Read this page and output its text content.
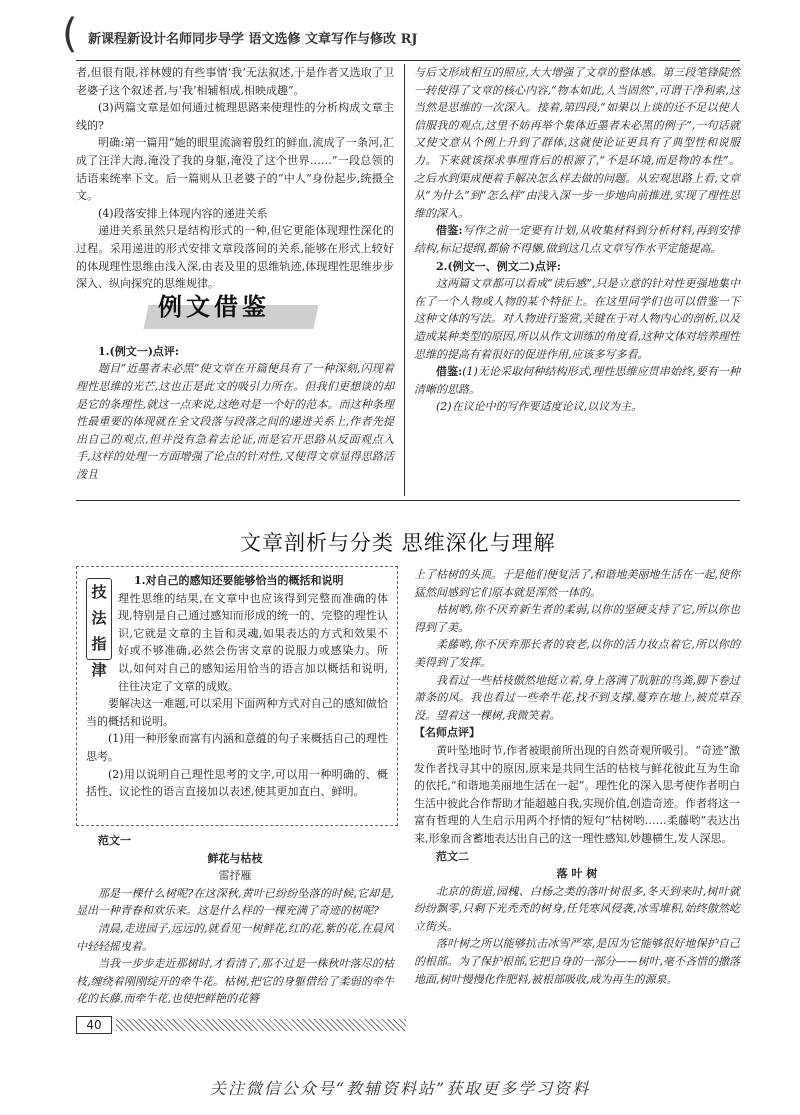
( 新课程新设计名师同步导学 语文选修 文章写作与修改 RJ

者,但很有限,祥林嫂的有些事情‘我’无法叙述,于是作者又选取了卫老婆子这个叙述者,与‘我’相辅相成,相映成趣”。

(3)两篇文章是如何通过梳理思路来使理性的分析构成文章主线的?

明确:第一篇用“她的眼里流滴着殷红的鲜血,流成了一条河,汇成了汪洋大海,淹没了我的身躯,淹没了这个世界……”一段总领的话语来统率下文。后一篇则从卫老婆子的“中人”身份起步,统摄全文。

(4)段落安排上体现内容的递进关系

递进关系虽然只是结构形式的一种,但它更能体现理性深化的过程。采用递进的形式安排文章段落间的关系,能够在形式上较好的体现理性思维由浅入深,由表及里的思维轨迹,体现理性思维步步深入、纵向探究的思维规律。

例文借鉴

1.(例文一)点评:

题目“近墨者未必黑”使文章在开篇便具有了一种深刻,闪现着理性思维的光芒,这也正是此文的吸引力所在。但我们更想谈的却是它的条理性,就这一点来说,这绝对是一个好的范本。而这种条理性最重要的体现就在全文段落与段落之间的递进关系上,作者先提出自己的观点,但并没有急着去论证,而是宕开思路从反面观点入手,这样的处理一方面增强了论点的针对性,又使得文章显得思路活泼且

与后文形成相互的照应,大大增强了文章的整体感。第三段笔锋陡然一转使得了文章的核心内容,“物本如此,人当固然”,可谓干净利索,这当然是思维的一次深入。接着,第四段,“如果以上谈的还不足以使人信服我的观点,这里不妨再举个集体近墨者未必黑的例子”,一句话就又使文意从个例上升到了群体,这就使论证更具有了典型性和说服力。下来就该探求事理背后的根源了,“不是环境,而是物的本性”。之后水到渠成便着手解决怎么样去做的问题。从宏观思路上看,文章从“为什么”到“怎么样”由浅入深一步一步地向前推进,实现了理性思维的深入。

借鉴:写作之前一定要有计划,从收集材料到分析材料,再到安排结构,标记提纲,都偷不得懒,做到这几点文章写作水平定能提高。

2.(例文一、例文二)点评:

这两篇文章都可以看成“读后感”,只是立意的针对性更强地集中在了一个人物或人物的某个特征上。在这里同学们也可以借鉴一下这种文体的写法。对人物进行鉴赏,关键在于对人物内心的剖析,以及造成某种类型的原因,所以从作文训练的角度看,这种文体对培养理性思维的提高有着很好的促进作用,应该多写多看。

借鉴:(1)无论采取何种结构形式,理性思维应贯串始终,要有一种清晰的思路。

(2)在议论中的写作要适度论议,以议为主。

文章剖析与分类 思维深化与理解
技
法
指
津

1.对自己的感知还要能够恰当的概括和说明

理性思维的结果,在文章中也应该得到完整而准确的体现,特别是自己通过感知而形成的统一的、完整的理性认识,它就是文章的主旨和灵魂,如果表达的方式和效果不好或不够准确,必然会伤害文章的说服力或感染力。所以,如何对自己的感知运用恰当的语言加以概括和说明,往往决定了文章的成败。

要解决这一难题,可以采用下面两种方式对自己的感知做恰当的概括和说明。

(1)用一种形象而富有内涵和意蕴的句子来概括自己的理性思考。

(2)用以说明自己理性思考的文字,可以用一种明确的、概括性、议论性的语言直接加以表述,使其更加直白、鲜明。

范文一

鲜花与枯枝

雷抒雁

那是一棵什么树呢?在这深秋,黄叶已纷纷坠落的时候,它却是,显出一种青春和欢乐来。这是什么样的一棵充满了奇迹的树呢?

清晨,走进园子,远远的,就看见一树鲜花,红的花,紫的花,在晨风中轻轻摇曳着。

当我一步步走近那树时,才看清了,那不过是一株秋叶落尽的枯枝,缠绕着刚刚绽开的牵牛花。枯树,把它的身躯借给了柔弱的牵牛花的长藤,而牵牛花,也使把鲜艳的花簪

上了枯树的头顶。于是他们便复活了,和谐地美丽地生活在一起,使你猛然间感到它们原本就是浑然一体的。

枯树哟,你不厌弃新生者的柔弱,以你的坚硬支持了它,所以你也得到了美。

柔藤哟,你不厌弃那长者的衰老,以你的活力妆点着它,所以你的美得到了发挥。

我看过一些枯枝傲然地挺立着,身上落满了肮脏的鸟粪,脚下卷过萧条的风。我也看过一些牵牛花,找不到支撑,蔓弃在地上,被荒草吞没。望着这一棵树,我微笑着。

【名师点评】

黄叶坠地时节,作者被眼前所出现的自然奇观所吸引。“奇迹”激发作者找寻其中的原因,原来是共同生活的枯枝与鲜花彼此互为生命的依托,“和谐地美丽地生活在一起”。理性化的深入思考使作者明白生活中彼此合作帮助才能超越自我,实现价值,创造奇迹。作者将这一富有哲理的人生启示用两个抒情的短句“枯树哟……柔藤哟”表达出来,形象而含蓄地表达出自己的这一理性感知,妙趣横生,发人深思。

范文二

落 叶 树

北京的街道,园槐、白杨之类的落叶树很多,冬天到来时,树叶就纷纷飘零,只剩下光秃秃的树身,任凭寒风侵袭,冰雪堆积,始终傲然屹立街头。

落叶树之所以能够抗击冰雪严寒,是因为它能够很好地保护自己的根部。为了保护根部,它把自身的一部分——树叶,毫不吝惜的撒落地面,树叶慢慢化作肥料,被根部吸收,成为再生的源泉。

40
关注微信公众号“教辅资料站”获取更多学习资料
